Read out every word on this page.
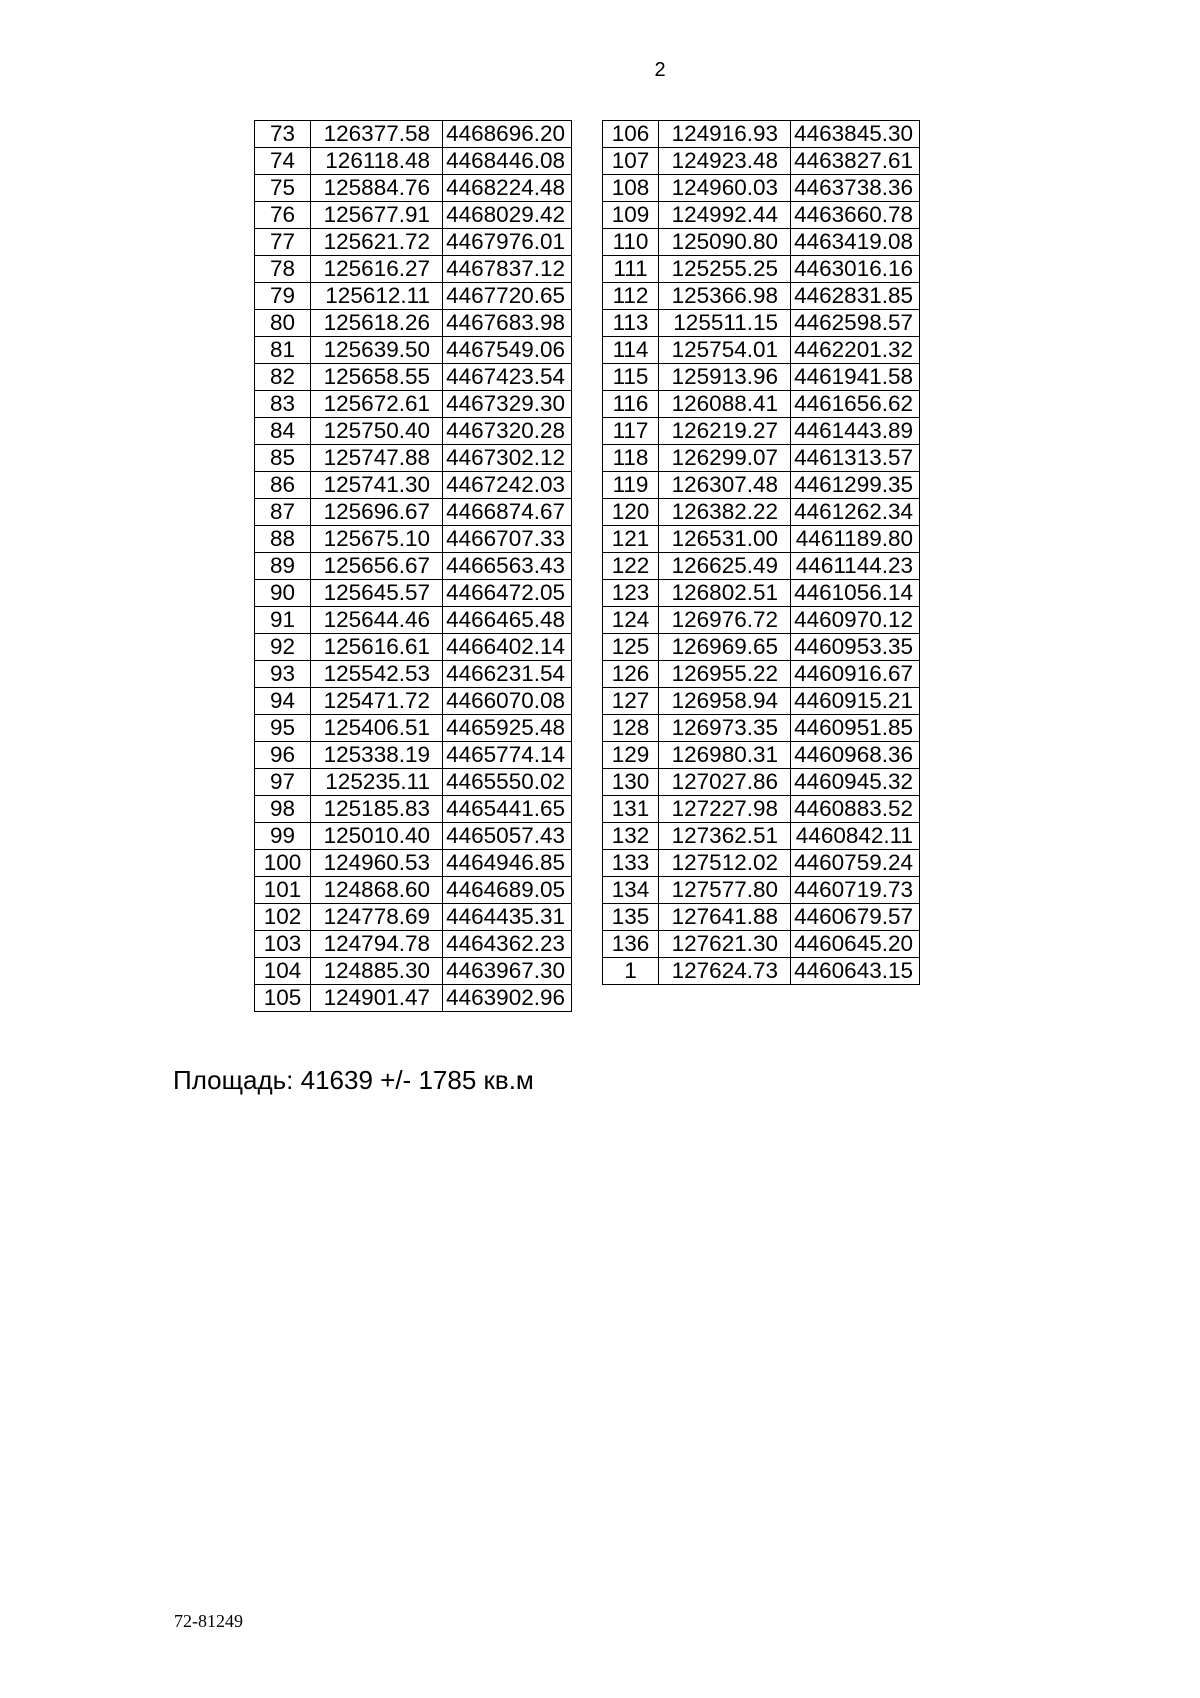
2
73	126377.58	4468696.20
74	126118.48	4468446.08
75	125884.76	4468224.48
76	125677.91	4468029.42
77	125621.72	4467976.01
78	125616.27	4467837.12
79	125612.11	4467720.65
80	125618.26	4467683.98
81	125639.50	4467549.06
82	125658.55	4467423.54
83	125672.61	4467329.30
84	125750.40	4467320.28
85	125747.88	4467302.12
86	125741.30	4467242.03
87	125696.67	4466874.67
88	125675.10	4466707.33
89	125656.67	4466563.43
90	125645.57	4466472.05
91	125644.46	4466465.48
92	125616.61	4466402.14
93	125542.53	4466231.54
94	125471.72	4466070.08
95	125406.51	4465925.48
96	125338.19	4465774.14
97	125235.11	4465550.02
98	125185.83	4465441.65
99	125010.40	4465057.43
100	124960.53	4464946.85
101	124868.60	4464689.05
102	124778.69	4464435.31
103	124794.78	4464362.23
104	124885.30	4463967.30
105	124901.47	4463902.96
106	124916.93	4463845.30
107	124923.48	4463827.61
108	124960.03	4463738.36
109	124992.44	4463660.78
110	125090.80	4463419.08
111	125255.25	4463016.16
112	125366.98	4462831.85
113	125511.15	4462598.57
114	125754.01	4462201.32
115	125913.96	4461941.58
116	126088.41	4461656.62
117	126219.27	4461443.89
118	126299.07	4461313.57
119	126307.48	4461299.35
120	126382.22	4461262.34
121	126531.00	4461189.80
122	126625.49	4461144.23
123	126802.51	4461056.14
124	126976.72	4460970.12
125	126969.65	4460953.35
126	126955.22	4460916.67
127	126958.94	4460915.21
128	126973.35	4460951.85
129	126980.31	4460968.36
130	127027.86	4460945.32
131	127227.98	4460883.52
132	127362.51	4460842.11
133	127512.02	4460759.24
134	127577.80	4460719.73
135	127641.88	4460679.57
136	127621.30	4460645.20
1	127624.73	4460643.15
Площадь: 41639 +/- 1785 кв.м
72-81249
